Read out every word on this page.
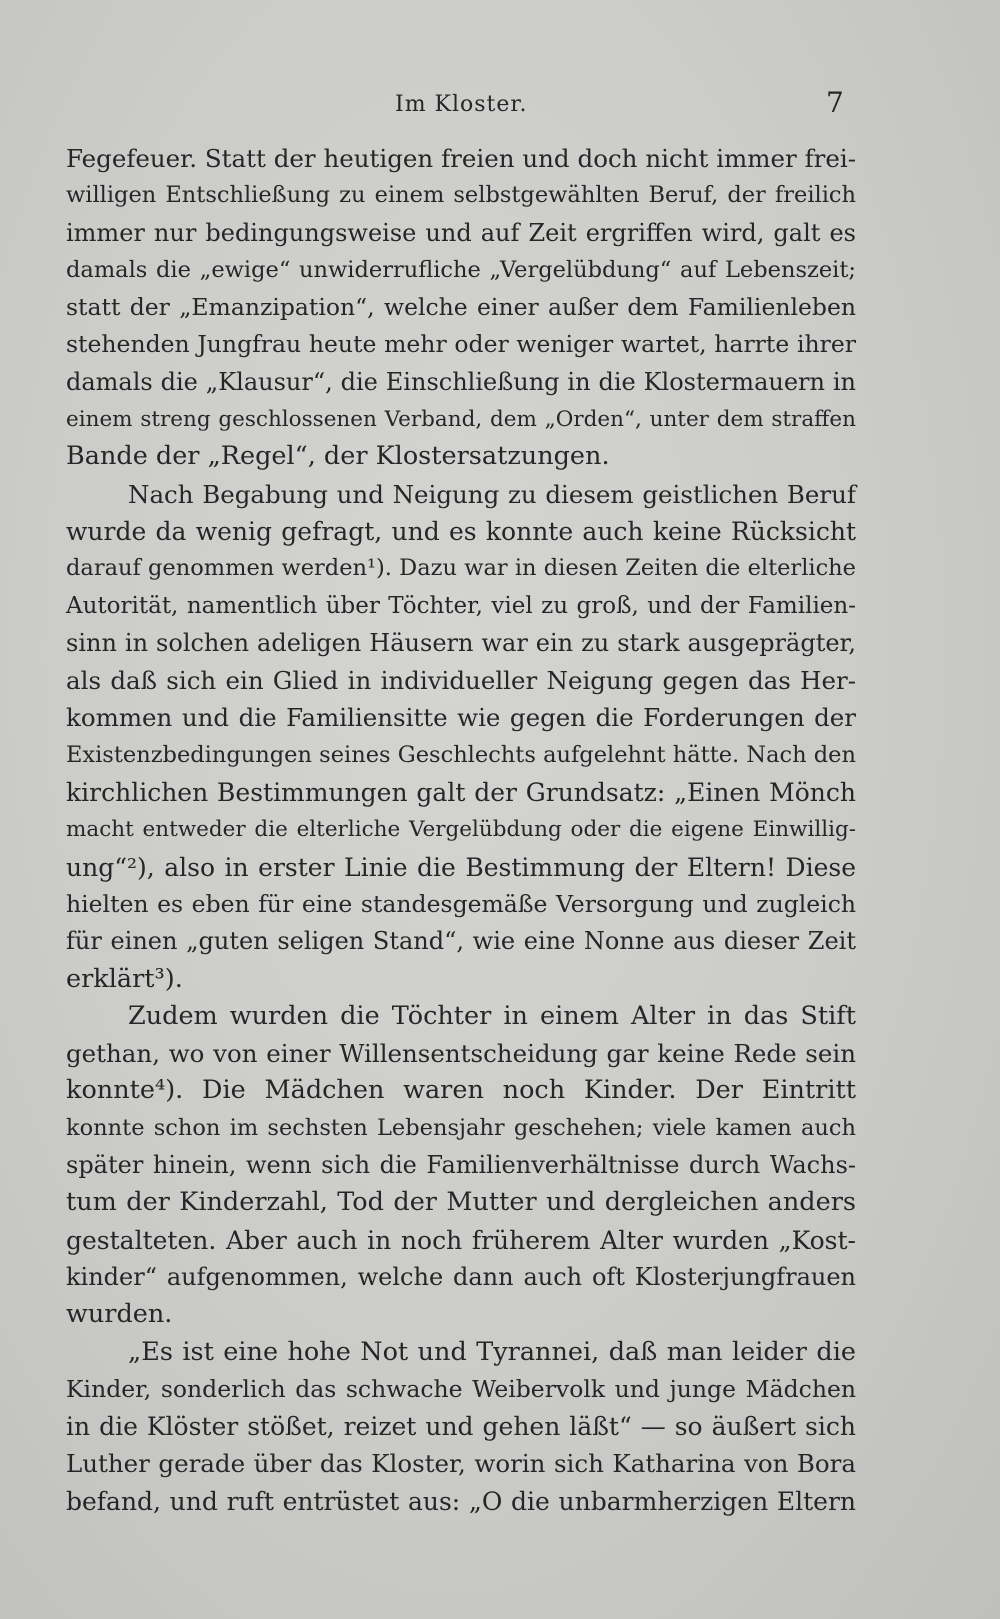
Im Kloster.	7
Fegefeuer. Statt der heutigen freien und doch nicht immer frei-
willigen Entschließung zu einem selbstgewählten Beruf, der freilich
immer nur bedingungsweise und auf Zeit ergriffen wird, galt es
damals die „ewige“ unwiderrufliche „Vergelübdung“ auf Lebenszeit;
statt der „Emanzipation“, welche einer außer dem Familienleben
stehenden Jungfrau heute mehr oder weniger wartet, harrte ihrer
damals die „Klausur“, die Einschließung in die Klostermauern in
einem streng geschlossenen Verband, dem „Orden“, unter dem straffen
Bande der „Regel“, der Klostersatzungen.
Nach Begabung und Neigung zu diesem geistlichen Beruf
wurde da wenig gefragt, und es konnte auch keine Rücksicht
darauf genommen werden¹). Dazu war in diesen Zeiten die elterliche
Autorität, namentlich über Töchter, viel zu groß, und der Familien-
sinn in solchen adeligen Häusern war ein zu stark ausgeprägter,
als daß sich ein Glied in individueller Neigung gegen das Her-
kommen und die Familiensitte wie gegen die Forderungen der
Existenzbedingungen seines Geschlechts aufgelehnt hätte. Nach den
kirchlichen Bestimmungen galt der Grundsatz: „Einen Mönch
macht entweder die elterliche Vergelübdung oder die eigene Einwillig-
ung“²), also in erster Linie die Bestimmung der Eltern! Diese
hielten es eben für eine standesgemäße Versorgung und zugleich
für einen „guten seligen Stand“, wie eine Nonne aus dieser Zeit
erklärt³).
Zudem wurden die Töchter in einem Alter in das Stift
gethan, wo von einer Willensentscheidung gar keine Rede sein
konnte⁴). Die Mädchen waren noch Kinder. Der Eintritt
konnte schon im sechsten Lebensjahr geschehen; viele kamen auch
später hinein, wenn sich die Familienverhältnisse durch Wachs-
tum der Kinderzahl, Tod der Mutter und dergleichen anders
gestalteten. Aber auch in noch früherem Alter wurden „Kost-
kinder“ aufgenommen, welche dann auch oft Klosterjungfrauen
wurden.
„Es ist eine hohe Not und Tyrannei, daß man leider die
Kinder, sonderlich das schwache Weibervolk und junge Mädchen
in die Klöster stößet, reizet und gehen läßt“ — so äußert sich
Luther gerade über das Kloster, worin sich Katharina von Bora
befand, und ruft entrüstet aus: „O die unbarmherzigen Eltern
